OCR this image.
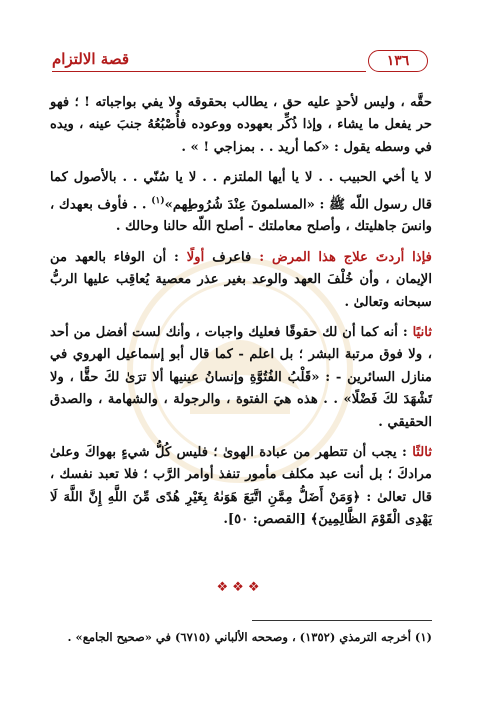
١٣٦
قصة الالتزام

حقَّه ، وليس لأحدٍ عليه حق ، يطالب بحقوقه ولا يفي بواجباته ! ؛ فهو حر يفعل ما يشاء ، وإذا ذُكِّر بعهوده ووعوده فأُصْبُعُهُ جنبَ عينه ، ويده في وسطه يقول : «كما أريد . . بمزاجي ! » .

لا يا أخي الحبيب . . لا يا أيها الملتزم . . لا يا سُنّي . . بالأصول كما قال رسول اللّه ﷺ : «المسلمونَ عِنْدَ شُرُوطِهم»$^{(١)}$ . . فأوف بعهدك ، وانسَ جاهليتك ، وأصلح معاملتك - أصلح اللّه حالنا وحالك .

فإذا أردتَ علاج هذا المرض : فاعرف أولًا : أن الوفاء بالعهد من الإيمان ، وأن خُلْفَ العهد والوعد بغير عذر معصية يُعاقِب عليها الربُّ سبحانه وتعالىٰ .

ثانيًا : أنه كما أن لك حقوقًا فعليك واجبات ، وأنك لست أفضل من أحد ، ولا فوق مرتبة البشر ؛ بل اعلم - كما قال أبو إسماعيل الهروي في منازل السائرين - : «قَلْبُ الفُتُوَّةِ وإنسانُ عينيها ألا ترَىٰ لكَ حقًّا ، ولا تَشْهَدَ لكَ فَضْلًا» . . هذه هيَ الفتوة ، والرجولة ، والشهامة ، والصدق الحقيقي .

ثالثًا : يجب أن تتطهر من عبادة الهوىٰ ؛ فليس كُلُّ شيءٍ بهواكَ وعلىٰ مرادكَ ؛ بل أنت عبد مكلف مأمور تنفذ أوامر الرَّب ؛ فلا تعبد نفسك ، قال تعالىٰ : ﴿وَمَنْ أَضَلُّ مِمَّنِ اتَّبَعَ هَوَىٰهُ بِغَيْرِ هُدًى مِّنَ اللَّهِ إِنَّ اللَّهَ لَا يَهْدِى الْقَوْمَ الظَّالِمِينَ﴾ [القصص: ٥٠].

❖❖❖
(١) أخرجه الترمذي (١٣٥٢) ، وصححه الألباني (٦٧١٥) في «صحيح الجامع» .
